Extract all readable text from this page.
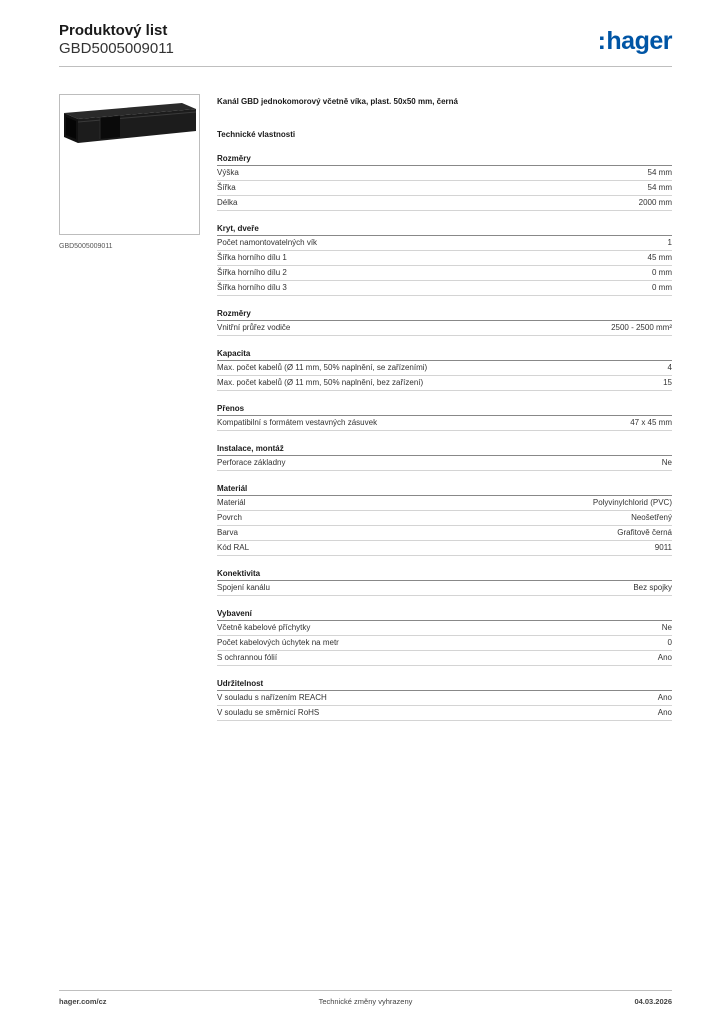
Produktový list
GBD5005009011	:hager
GBD5005009011
Kanál GBD jednokomorový včetně víka, plast. 50x50 mm, černá
Technické vlastnosti
Rozměry
Výška	54 mm
Šířka	54 mm
Délka	2000 mm
Kryt, dveře
Počet namontovatelných vík	1
Šířka horního dílu 1	45 mm
Šířka horního dílu 2	0 mm
Šířka horního dílu 3	0 mm
Rozměry
Vnitřní průřez vodiče	2500 - 2500 mm²
Kapacita
Max. počet kabelů (Ø 11 mm, 50% naplnění, se zařízeními)	4
Max. počet kabelů (Ø 11 mm, 50% naplnění, bez zařízení)	15
Přenos
Kompatibilní s formátem vestavných zásuvek	47 x 45 mm
Instalace, montáž
Perforace základny	Ne
Materiál
Materiál	Polyvinylchlorid (PVC)
Povrch	Neošetřený
Barva	Grafitově černá
Kód RAL	9011
Konektivita
Spojení kanálu	Bez spojky
Vybavení
Včetně kabelové příchytky	Ne
Počet kabelových úchytek na metr	0
S ochrannou fólií	Ano
Udržitelnost
V souladu s nařízením REACH	Ano
V souladu se směrnicí RoHS	Ano
hager.com/cz	Technické změny vyhrazeny	04.03.2026
